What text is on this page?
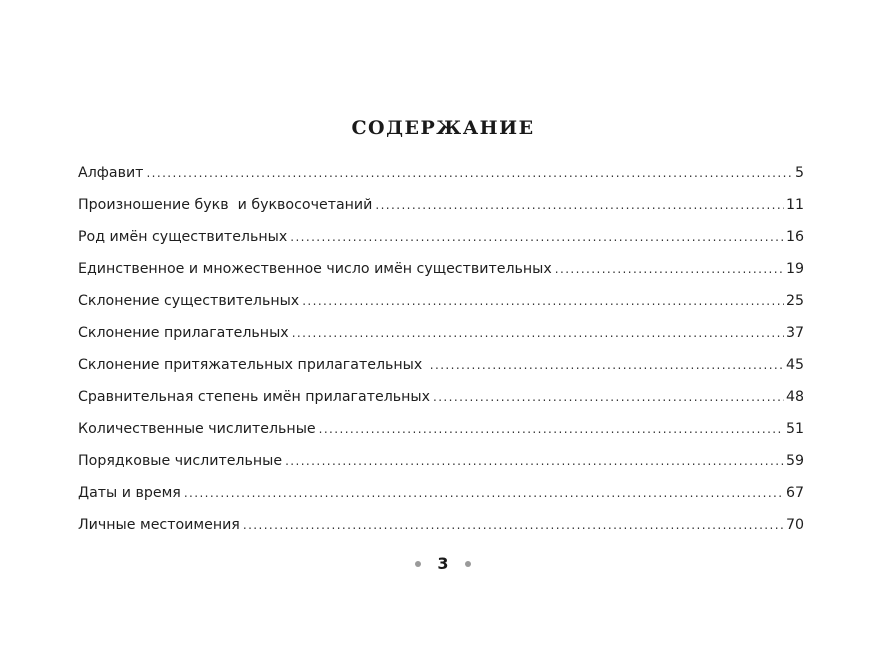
СОДЕРЖАНИЕ
Алфавит .....	5
Произношение букв  и буквосочетаний .....	11
Род имён существительных .....	16
Единственное и множественное число имён существительных .....	19
Склонение существительных .....	25
Склонение прилагательных .....	37
Склонение притяжательных прилагательных .....	45
Сравнительная степень имён прилагательных .....	48
Количественные числительные .....	51
Порядковые числительные .....	59
Даты и время .....	67
Личные местоимения .....	70
3
